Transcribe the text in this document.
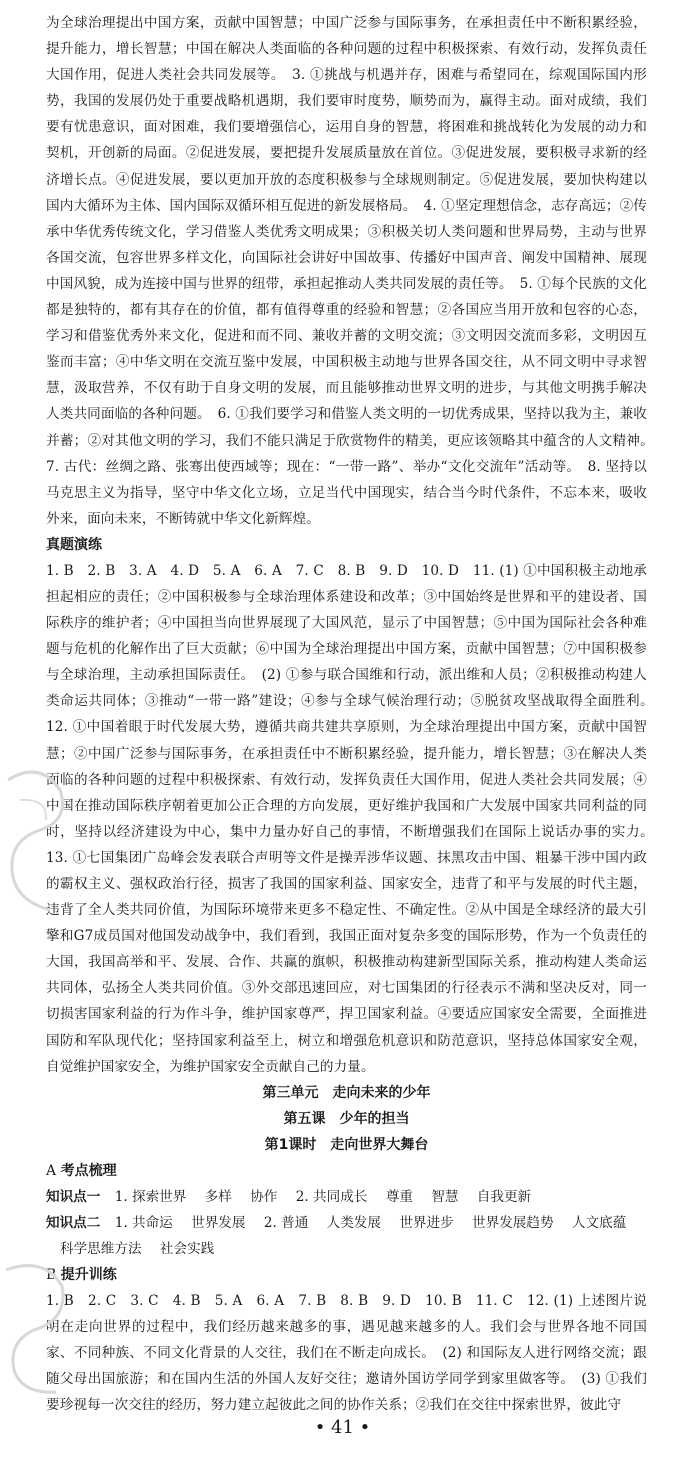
为全球治理提出中国方案，贡献中国智慧；中国广泛参与国际事务，在承担责任中不断积累经验，提升能力，增长智慧；中国在解决人类面临的各种问题的过程中积极探索、有效行动，发挥负责任大国作用，促进人类社会共同发展等。　3. ①挑战与机遇并存，困难与希望同在，综观国际国内形势，我国的发展仍处于重要战略机遇期，我们要审时度势，顺势而为，赢得主动。面对成绩，我们要有忧患意识，面对困难，我们要增强信心，运用自身的智慧，将困难和挑战转化为发展的动力和契机，开创新的局面。②促进发展，要把提升发展质量放在首位。③促进发展，要积极寻求新的经济增长点。④促进发展，要以更加开放的态度积极参与全球规则制定。⑤促进发展，要加快构建以国内大循环为主体、国内国际双循环相互促进的新发展格局。　4. ①坚定理想信念，志存高远；②传承中华优秀传统文化，学习借鉴人类优秀文明成果；③积极关切人类问题和世界局势，主动与世界各国交流，包容世界多样文化，向国际社会讲好中国故事、传播好中国声音、阐发中国精神、展现中国风貌，成为连接中国与世界的纽带，承担起推动人类共同发展的责任等。　5. ①每个民族的文化都是独特的，都有其存在的价值，都有值得尊重的经验和智慧；②各国应当用开放和包容的心态，学习和借鉴优秀外来文化，促进和而不同、兼收并蓄的文明交流；③文明因交流而多彩，文明因互鉴而丰富；④中华文明在交流互鉴中发展，中国积极主动地与世界各国交往，从不同文明中寻求智慧，汲取营养，不仅有助于自身文明的发展，而且能够推动世界文明的进步，与其他文明携手解决人类共同面临的各种问题。　6. ①我们要学习和借鉴人类文明的一切优秀成果，坚持以我为主，兼收并蓄；②对其他文明的学习，我们不能只满足于欣赏物件的精美，更应该领略其中蕴含的人文精神。　7. 古代：丝绸之路、张骞出使西域等；现在：“一带一路”、举办“文化交流年”活动等。　8. 坚持以马克思主义为指导，坚守中华文化立场，立足当代中国现实，结合当今时代条件，不忘本来，吸收外来，面向未来，不断铸就中华文化新辉煌。

真题演练

1. B　2. B　3. A　4. D　5. A　6. A　7. C　8. B　9. D　10. D　11. (1) ①中国积极主动地承担起相应的责任；②中国积极参与全球治理体系建设和改革；③中国始终是世界和平的建设者、国际秩序的维护者；④中国担当向世界展现了大国风范，显示了中国智慧；⑤中国为国际社会各种难题与危机的化解作出了巨大贡献；⑥中国为全球治理提出中国方案，贡献中国智慧；⑦中国积极参与全球治理，主动承担国际责任。　(2) ①参与联合国维和行动，派出维和人员；②积极推动构建人类命运共同体；③推动“一带一路”建设；④参与全球气候治理行动；⑤脱贫攻坚战取得全面胜利。　12. ①中国着眼于时代发展大势，遵循共商共建共享原则，为全球治理提出中国方案，贡献中国智慧；②中国广泛参与国际事务，在承担责任中不断积累经验，提升能力，增长智慧；③在解决人类面临的各种问题的过程中积极探索、有效行动，发挥负责任大国作用，促进人类社会共同发展；④中国在推动国际秩序朝着更加公正合理的方向发展，更好维护我国和广大发展中国家共同利益的同时，坚持以经济建设为中心，集中力量办好自己的事情，不断增强我们在国际上说话办事的实力。　13. ①七国集团广岛峰会发表联合声明等文件是操弄涉华议题、抹黑攻击中国、粗暴干涉中国内政的霸权主义、强权政治行径，损害了我国的国家利益、国家安全，违背了和平与发展的时代主题，违背了全人类共同价值，为国际环境带来更多不稳定性、不确定性。②从中国是全球经济的最大引擎和G7成员国对他国发动战争中，我们看到，我国正面对复杂多变的国际形势，作为一个负责任的大国，我国高举和平、发展、合作、共赢的旗帜，积极推动构建新型国际关系，推动构建人类命运共同体，弘扬全人类共同价值。③外交部迅速回应，对七国集团的行径表示不满和坚决反对，同一切损害国家利益的行为作斗争，维护国家尊严，捍卫国家利益。④要适应国家安全需要，全面推进国防和军队现代化；坚持国家利益至上，树立和增强危机意识和防范意识，坚持总体国家安全观，自觉维护国家安全，为维护国家安全贡献自己的力量。

第三单元　走向未来的少年

第五课　少年的担当

第1课时　走向世界大舞台

A 考点梳理

知识点一 1. 探索世界 多样 协作 2. 共同成长 尊重 智慧 自我更新

知识点二 1. 共命运 世界发展 2. 普通 人类发展 世界进步 世界发展趋势 人文底蕴

科学思维方法 社会实践

B 提升训练

1. B　2. C　3. C　4. B　5. A　6. A　7. B　8. B　9. D　10. B　11. C　12. (1) 上述图片说明在走向世界的过程中，我们经历越来越多的事，遇见越来越多的人。我们会与世界各地不同国家、不同种族、不同文化背景的人交往，我们在不断走向成长。　(2) 和国际友人进行网络交流；跟随父母出国旅游；和在国内生活的外国人友好交往；邀请外国访学同学到家里做客等。　(3) ①我们要珍视每一次交往的经历，努力建立起彼此之间的协作关系；②我们在交往中探索世界，彼此守

• 41 •
